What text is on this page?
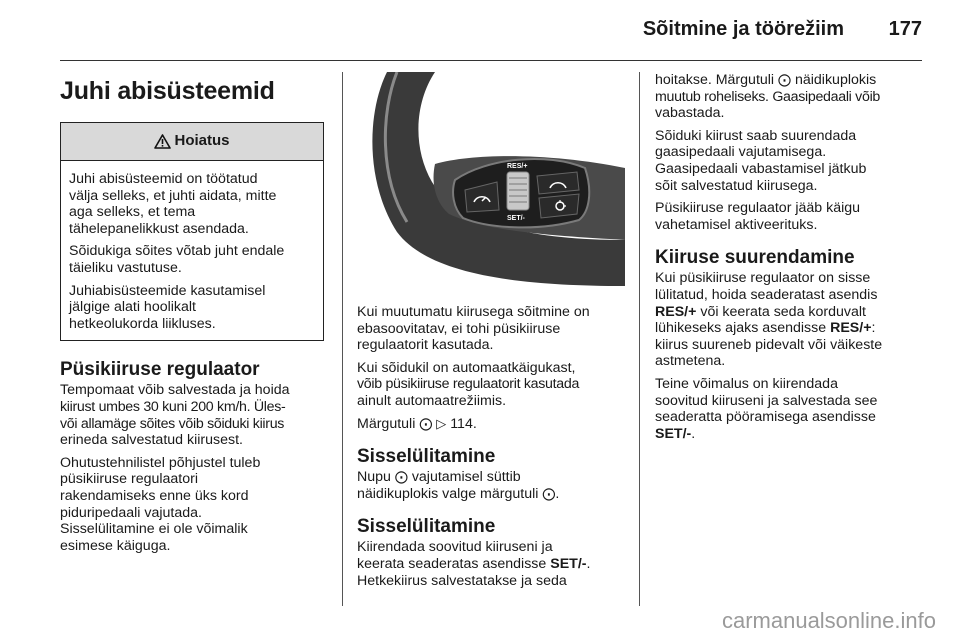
Sõitmine ja töörežiim 177
Juhi abisüsteemid
Hoiatus

Juhi abisüsteemid on töötatud
välja selleks, et juhti aidata, mitte
aga selleks, et tema
tähelepanelikkust asendada.

Sõidukiga sõites võtab juht endale
täieliku vastutuse.

Juhiabisüsteemide kasutamisel
jälgige alati hoolikalt
hetkeolukorda liikluses.

Püsikiiruse regulaator

Tempomaat võib salvestada ja hoida
kiirust umbes 30 kuni 200 km/h. Üles-
või allamäge sõites võib sõiduki kiirus
erineda salvestatud kiirusest.

Ohutustehnilistel põhjustel tuleb
püsikiiruse regulaatori
rakendamiseks enne üks kord
piduripedaali vajutada.
Sisselülitamine ei ole võimalik
esimese käiguga.

RES/+
SET/-

Kui muutumatu kiirusega sõitmine on
ebasoovitatav, ei tohi püsikiiruse
regulaatorit kasutada.

Kui sõidukil on automaatkäigukast,
võib püsikiiruse regulaatorit kasutada
ainult automaatrežiimis.

Märgutuli ⨀ ▷ 114.

Sisselülitamine

Nupu ⨀ vajutamisel süttib
näidikuplokis valge märgutuli ⨀.

Sisselülitamine

Kiirendada soovitud kiiruseni ja
keerata seaderatas asendisse SET/-.
Hetkekiirus salvestatakse ja seda

hoitakse. Märgutuli ⨀ näidikuplokis
muutub roheliseks. Gaasipedaali võib
vabastada.

Sõiduki kiirust saab suurendada
gaasipedaali vajutamisega.
Gaasipedaali vabastamisel jätkub
sõit salvestatud kiirusega.

Püsikiiruse regulaator jääb käigu
vahetamisel aktiveerituks.

Kiiruse suurendamine

Kui püsikiiruse regulaator on sisse
lülitatud, hoida seaderatast asendis
RES/+ või keerata seda korduvalt
lühikeseks ajaks asendisse RES/+:
kiirus suureneb pidevalt või väikeste
astmetena.

Teine võimalus on kiirendada
soovitud kiiruseni ja salvestada see
seaderatta pööramisega asendisse
SET/-.

carmanualsonline.info
